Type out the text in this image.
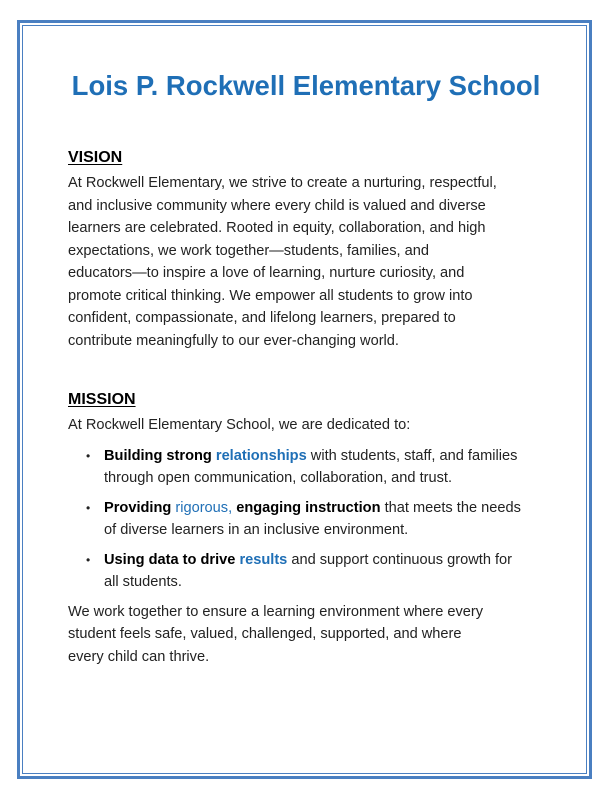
Lois P. Rockwell Elementary School
VISION

At Rockwell Elementary, we strive to create a nurturing, respectful,
and inclusive community where every child is valued and diverse
learners are celebrated. Rooted in equity, collaboration, and high
expectations, we work together—students, families, and
educators—to inspire a love of learning, nurture curiosity, and
promote critical thinking. We empower all students to grow into
confident, compassionate, and lifelong learners, prepared to
contribute meaningfully to our ever-changing world.

MISSION

At Rockwell Elementary School, we are dedicated to:

• Building strong relationships with students, staff, and families
through open communication, collaboration, and trust.
• Providing rigorous, engaging instruction that meets the needs
of diverse learners in an inclusive environment.
• Using data to drive results and support continuous growth for
all students.

We work together to ensure a learning environment where every
student feels safe, valued, challenged, supported, and where
every child can thrive.
